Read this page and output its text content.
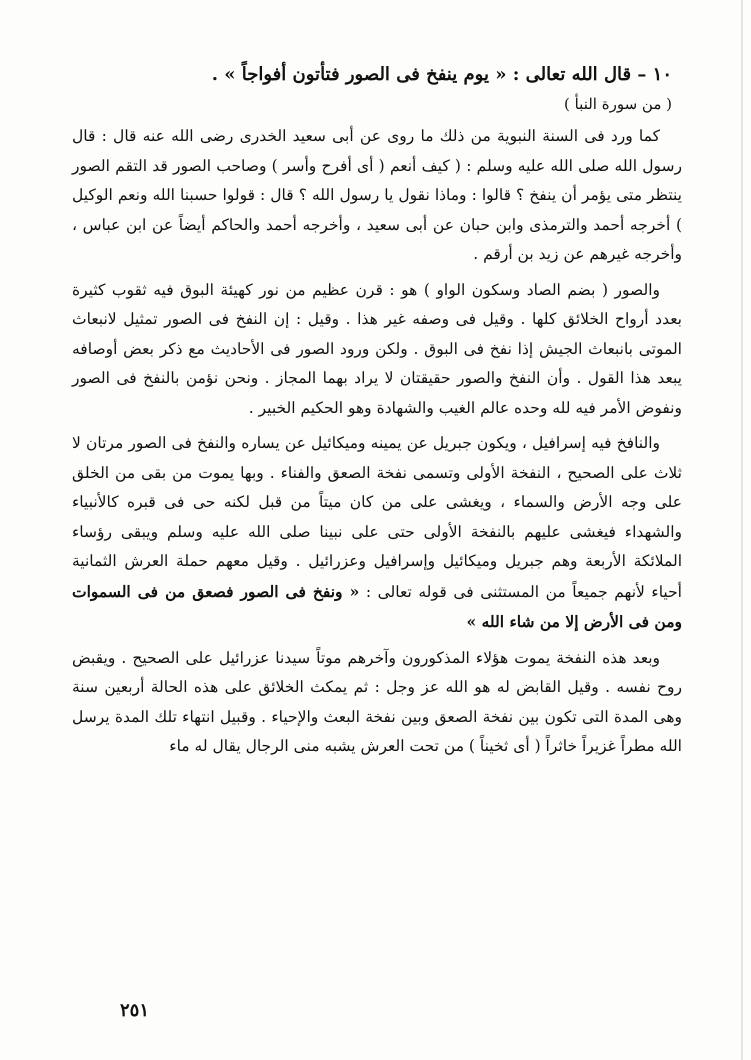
١٠ – قال الله تعالى : « يوم ينفخ فى الصور فتأتون أفواجاً » .

( من سورة النبأ )

كما ورد فى السنة النبوية من ذلك ما روى عن أبى سعيد الخدرى رضى الله عنه قال : قال رسول الله صلى الله عليه وسلم : ( كيف أنعم ( أى أفرح وأسر ) وصاحب الصور قد التقم الصور ينتظر متى يؤمر أن ينفخ ؟ قالوا : وماذا نقول يا رسول الله ؟ قال : قولوا حسبنا الله ونعم الوكيل ) أخرجه أحمد والترمذى وابن حبان عن أبى سعيد ، وأخرجه أحمد والحاكم أيضاً عن ابن عباس ، وأخرجه غيرهم عن زيد بن أرقم .

والصور ( بضم الصاد وسكون الواو ) هو : قرن عظيم من نور كهيئة البوق فيه ثقوب كثيرة بعدد أرواح الخلائق كلها . وقيل فى وصفه غير هذا . وقيل : إن النفخ فى الصور تمثيل لانبعاث الموتى بانبعاث الجيش إذا نفخ فى البوق . ولكن ورود الصور فى الأحاديث مع ذكر بعض أوصافه يبعد هذا القول . وأن النفخ والصور حقيقتان لا يراد بهما المجاز . ونحن نؤمن بالنفخ فى الصور ونفوض الأمر فيه لله وحده عالم الغيب والشهادة وهو الحكيم الخبير .

والنافخ فيه إسرافيل ، ويكون جبريل عن يمينه وميكائيل عن يساره والنفخ فى الصور مرتان لا ثلاث على الصحيح ، النفخة الأولى وتسمى نفخة الصعق والفناء . وبها يموت من بقى من الخلق على وجه الأرض والسماء ، ويغشى على من كان ميتاً من قبل لكنه حى فى قبره كالأنبياء والشهداء فيغشى عليهم بالنفخة الأولى حتى على نبينا صلى الله عليه وسلم ويبقى رؤساء الملائكة الأربعة وهم جبريل وميكائيل وإسرافيل وعزرائيل . وقيل معهم حملة العرش الثمانية أحياء لأنهم جميعاً من المستثنى فى قوله تعالى : « ونفخ فى الصور فصعق من فى السموات ومن فى الأرض إلا من شاء الله »

وبعد هذه النفخة يموت هؤلاء المذكورون وآخرهم موتاً سيدنا عزرائيل على الصحيح . ويقبض روح نفسه . وقيل القابض له هو الله عز وجل : ثم يمكث الخلائق على هذه الحالة أربعين سنة وهى المدة التى تكون بين نفخة الصعق وبين نفخة البعث والإحياء . وقبيل انتهاء تلك المدة يرسل الله مطراً غزيراً خاثراً ( أى ثخيناً ) من تحت العرش يشبه منى الرجال يقال له ماء

٢٥١
